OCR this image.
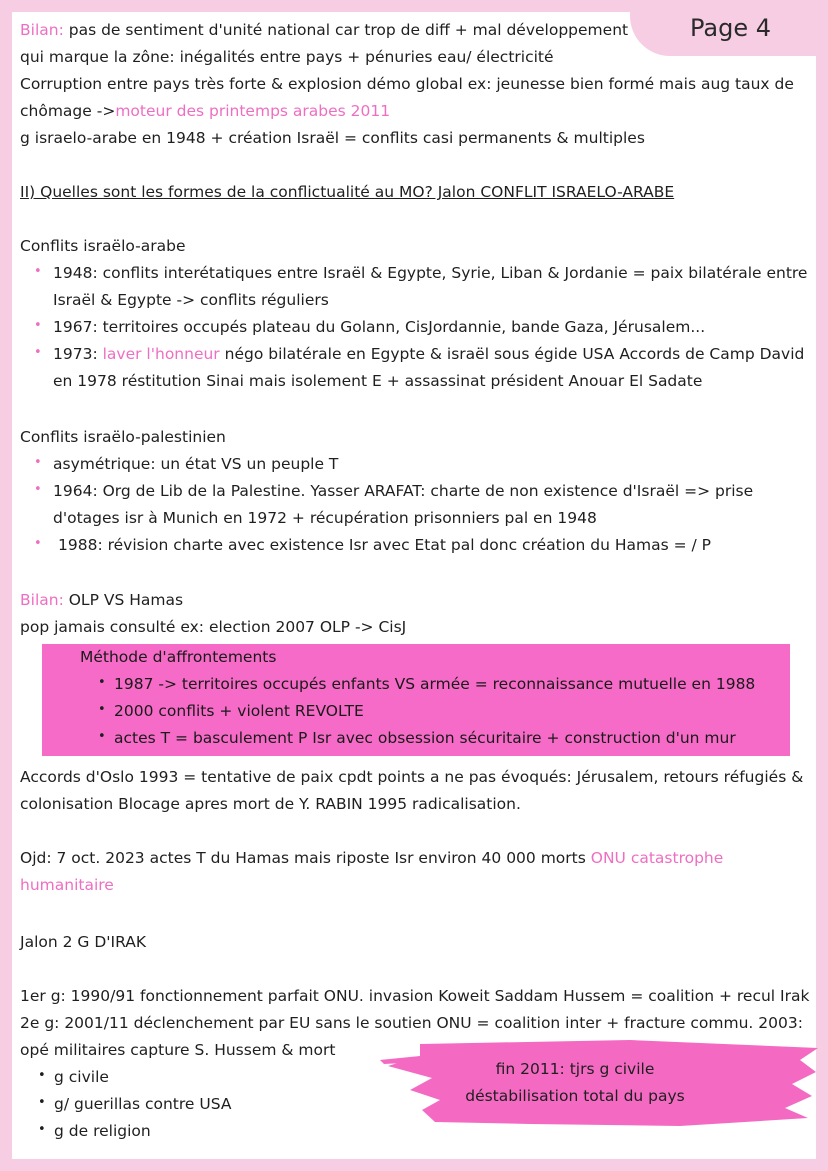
Page 4
Bilan: pas de sentiment d'unité national car trop de diff + mal développement
qui marque la zône: inégalités entre pays + pénuries eau/ électricité
Corruption entre pays très forte & explosion démo global ex: jeunesse bien formé mais aug taux de
chômage ->moteur des printemps arabes 2011
g israelo-arabe en 1948 + création Israël = conflits casi permanents & multiples
II) Quelles sont les formes de la conflictualité au MO? Jalon CONFLIT ISRAELO-ARABE
Conflits israëlo-arabe
• 1948: conflits interétatiques entre Israël & Egypte, Syrie, Liban & Jordanie = paix bilatérale entre
Israël & Egypte -> conflits réguliers
• 1967: territoires occupés plateau du Golann, CisJordannie, bande Gaza, Jérusalem...
• 1973: laver l'honneur négo bilatérale en Egypte & israël sous égide USA Accords de Camp David
en 1978 réstitution Sinai mais isolement E + assassinat président Anouar El Sadate
Conflits israëlo-palestinien
• asymétrique: un état VS un peuple T
• 1964: Org de Lib de la Palestine. Yasser ARAFAT: charte de non existence d'Israël => prise
d'otages isr à Munich en 1972 + récupération prisonniers pal en 1948
• 1988: révision charte avec existence Isr avec Etat pal donc création du Hamas = / P
Bilan: OLP VS Hamas
pop jamais consulté ex: election 2007 OLP -> CisJ
Méthode d'affrontements
• 1987 -> territoires occupés enfants VS armée = reconnaissance mutuelle en 1988
• 2000 conflits + violent REVOLTE
• actes T = basculement P Isr avec obsession sécuritaire + construction d'un mur
Accords d'Oslo 1993 = tentative de paix cpdt points a ne pas évoqués: Jérusalem, retours réfugiés &
colonisation Blocage apres mort de Y. RABIN 1995 radicalisation.
Ojd: 7 oct. 2023 actes T du Hamas mais riposte Isr environ 40 000 morts ONU catastrophe
humanitaire
Jalon 2 G D'IRAK
1er g: 1990/91 fonctionnement parfait ONU. invasion Koweit Saddam Hussem = coalition + recul Irak
2e g: 2001/11 déclenchement par EU sans le soutien ONU = coalition inter + fracture commu. 2003:
opé militaires capture S. Hussem & mort
fin 2011: tjrs g civile
déstabilisation total du pays
• g civile
• g/ guerillas contre USA
• g de religion
